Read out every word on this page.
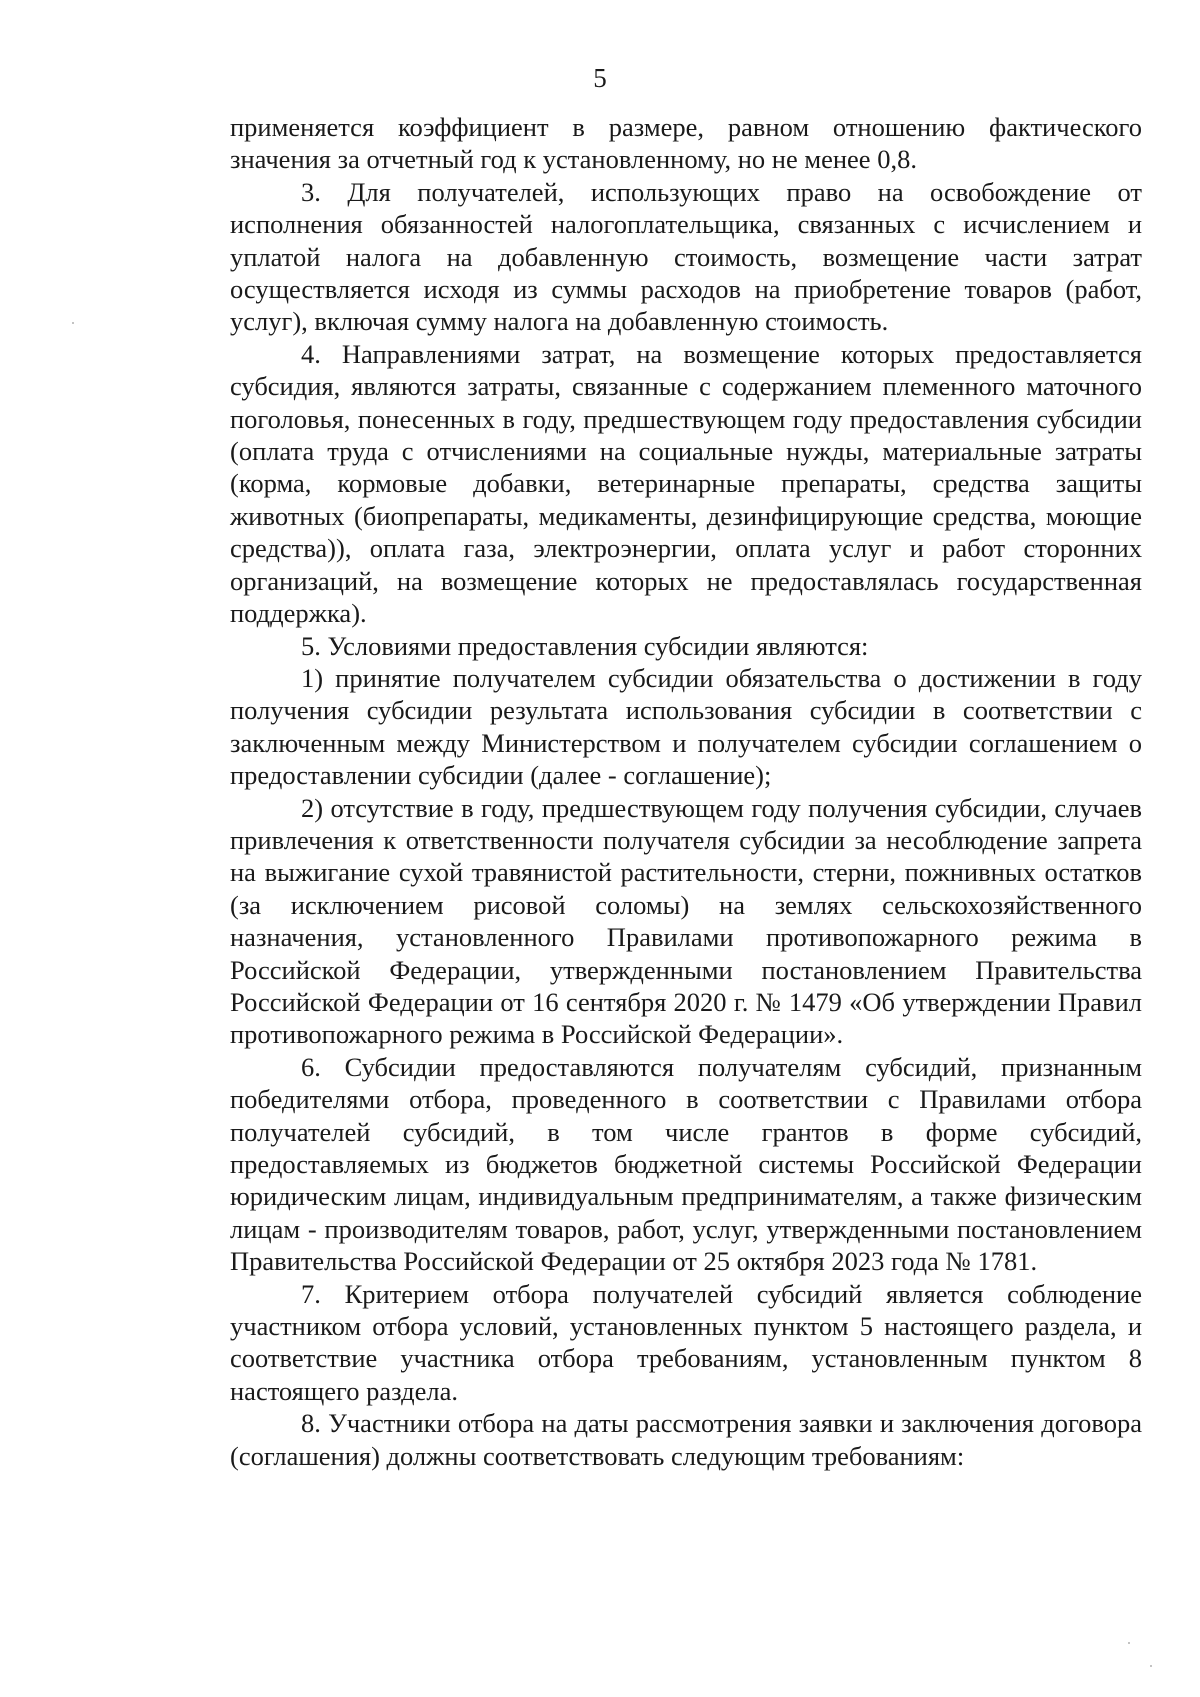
5

применяется коэффициент в размере, равном отношению фактического значения за отчетный год к установленному, но не менее 0,8.

3. Для получателей, использующих право на освобождение от исполнения обязанностей налогоплательщика, связанных с исчислением и уплатой налога на добавленную стоимость, возмещение части затрат осуществляется исходя из суммы расходов на приобретение товаров (работ, услуг), включая сумму налога на добавленную стоимость.

4. Направлениями затрат, на возмещение которых предоставляется субсидия, являются затраты, связанные с содержанием племенного маточного поголовья, понесенных в году, предшествующем году предоставления субсидии (оплата труда с отчислениями на социальные нужды, материальные затраты (корма, кормовые добавки, ветеринарные препараты, средства защиты животных (биопрепараты, медикаменты, дезинфицирующие средства, моющие средства)), оплата газа, электроэнергии, оплата услуг и работ сторонних организаций, на возмещение которых не предоставлялась государственная поддержка).

5. Условиями предоставления субсидии являются:

1) принятие получателем субсидии обязательства о достижении в году получения субсидии результата использования субсидии в соответствии с заключенным между Министерством и получателем субсидии соглашением о предоставлении субсидии (далее - соглашение);

2) отсутствие в году, предшествующем году получения субсидии, случаев привлечения к ответственности получателя субсидии за несоблюдение запрета на выжигание сухой травянистой растительности, стерни, пожнивных остатков (за исключением рисовой соломы) на землях сельскохозяйственного назначения, установленного Правилами противопожарного режима в Российской Федерации, утвержденными постановлением Правительства Российской Федерации от 16 сентября 2020 г. № 1479 «Об утверждении Правил противопожарного режима в Российской Федерации».

6. Субсидии предоставляются получателям субсидий, признанным победителями отбора, проведенного в соответствии с Правилами отбора получателей субсидий, в том числе грантов в форме субсидий, предоставляемых из бюджетов бюджетной системы Российской Федерации юридическим лицам, индивидуальным предпринимателям, а также физическим лицам - производителям товаров, работ, услуг, утвержденными постановлением Правительства Российской Федерации от 25 октября 2023 года № 1781.

7. Критерием отбора получателей субсидий является соблюдение участником отбора условий, установленных пунктом 5 настоящего раздела, и соответствие участника отбора требованиям, установленным пунктом 8 настоящего раздела.

8. Участники отбора на даты рассмотрения заявки и заключения договора (соглашения) должны соответствовать следующим требованиям:
